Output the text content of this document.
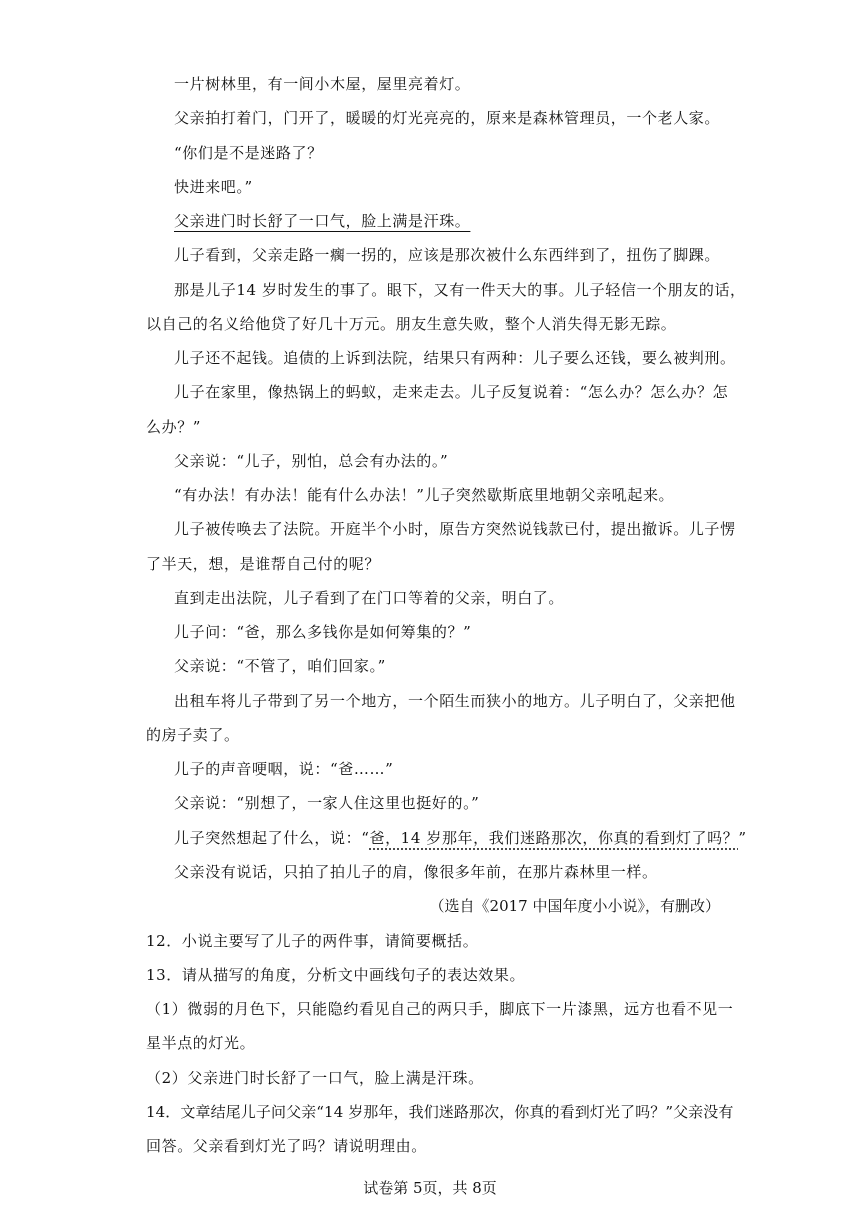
一片树林里，有一间小木屋，屋里亮着灯。
父亲拍打着门，门开了，暖暖的灯光亮亮的，原来是森林管理员，一个老人家。
“你们是不是迷路了？
快进来吧。”
父亲进门时长舒了一口气，脸上满是汗珠。
儿子看到，父亲走路一瘸一拐的，应该是那次被什么东西绊到了，扭伤了脚踝。
那是儿子14 岁时发生的事了。眼下，又有一件天大的事。儿子轻信一个朋友的话，
以自己的名义给他贷了好几十万元。朋友生意失败，整个人消失得无影无踪。
儿子还不起钱。追债的上诉到法院，结果只有两种：儿子要么还钱，要么被判刑。
儿子在家里，像热锅上的蚂蚁，走来走去。儿子反复说着：“怎么办？怎么办？怎
么办？”
父亲说：“儿子，别怕，总会有办法的。”
“有办法！有办法！能有什么办法！”儿子突然歇斯底里地朝父亲吼起来。
儿子被传唤去了法院。开庭半个小时，原告方突然说钱款已付，提出撤诉。儿子愣
了半天，想，是谁帮自己付的呢？
直到走出法院，儿子看到了在门口等着的父亲，明白了。
儿子问：“爸，那么多钱你是如何筹集的？”
父亲说：“不管了，咱们回家。”
出租车将儿子带到了另一个地方，一个陌生而狭小的地方。儿子明白了，父亲把他
的房子卖了。
儿子的声音哽咽，说：“爸……”
父亲说：“别想了，一家人住这里也挺好的。”
儿子突然想起了什么，说：“爸，14 岁那年，我们迷路那次，你真的看到灯了吗？”
父亲没有说话，只拍了拍儿子的肩，像很多年前，在那片森林里一样。
（选自《2017 中国年度小小说》，有删改）
12．小说主要写了儿子的两件事，请简要概括。
13．请从描写的角度，分析文中画线句子的表达效果。
（1）微弱的月色下，只能隐约看见自己的两只手，脚底下一片漆黑，远方也看不见一
星半点的灯光。
（2）父亲进门时长舒了一口气，脸上满是汗珠。
14．文章结尾儿子问父亲“14 岁那年，我们迷路那次，你真的看到灯光了吗？”父亲没有
回答。父亲看到灯光了吗？请说明理由。
试卷第 5页，共 8页
